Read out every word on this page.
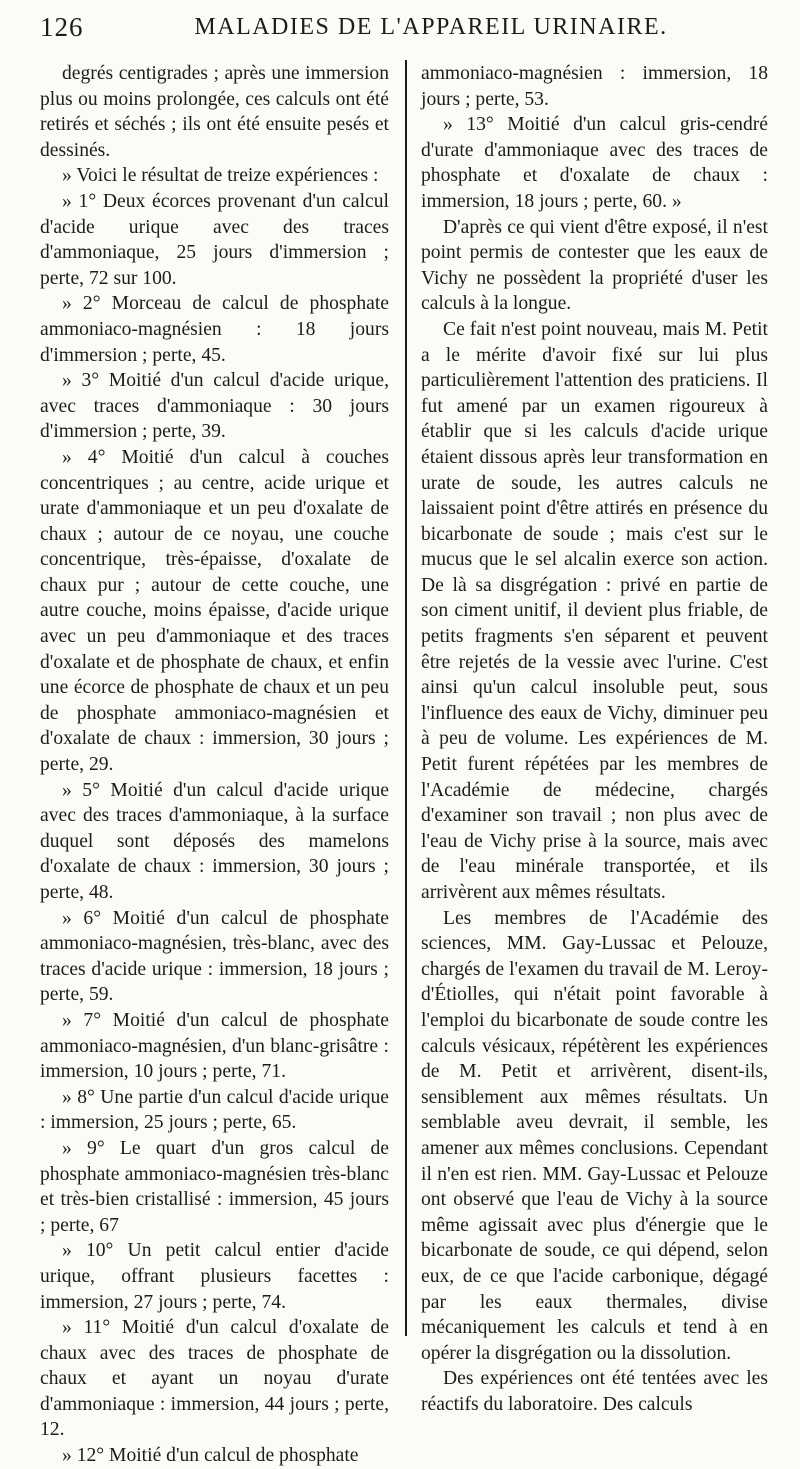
126	MALADIES DE L'APPAREIL URINAIRE.

degrés centigrades ; après une immersion plus ou moins prolongée, ces calculs ont été retirés et séchés ; ils ont été ensuite pesés et dessinés.

» Voici le résultat de treize expériences :

» 1° Deux écorces provenant d'un calcul d'acide urique avec des traces d'ammoniaque, 25 jours d'immersion ; perte, 72 sur 100.

» 2° Morceau de calcul de phosphate ammoniaco-magnésien : 18 jours d'immersion ; perte, 45.

» 3° Moitié d'un calcul d'acide urique, avec traces d'ammoniaque : 30 jours d'immersion ; perte, 39.

» 4° Moitié d'un calcul à couches concentriques ; au centre, acide urique et urate d'ammoniaque et un peu d'oxalate de chaux ; autour de ce noyau, une couche concentrique, très-épaisse, d'oxalate de chaux pur ; autour de cette couche, une autre couche, moins épaisse, d'acide urique avec un peu d'ammoniaque et des traces d'oxalate et de phosphate de chaux, et enfin une écorce de phosphate de chaux et un peu de phosphate ammoniaco-magnésien et d'oxalate de chaux : immersion, 30 jours ; perte, 29.

» 5° Moitié d'un calcul d'acide urique avec des traces d'ammoniaque, à la surface duquel sont déposés des mamelons d'oxalate de chaux : immersion, 30 jours ; perte, 48.

» 6° Moitié d'un calcul de phosphate ammoniaco-magnésien, très-blanc, avec des traces d'acide urique : immersion, 18 jours ; perte, 59.

» 7° Moitié d'un calcul de phosphate ammoniaco-magnésien, d'un blanc-grisâtre : immersion, 10 jours ; perte, 71.

» 8° Une partie d'un calcul d'acide urique : immersion, 25 jours ; perte, 65.

» 9° Le quart d'un gros calcul de phosphate ammoniaco-magnésien très-blanc et très-bien cristallisé : immersion, 45 jours ; perte, 67

» 10° Un petit calcul entier d'acide urique, offrant plusieurs facettes : immersion, 27 jours ; perte, 74.

» 11° Moitié d'un calcul d'oxalate de chaux avec des traces de phosphate de chaux et ayant un noyau d'urate d'ammoniaque : immersion, 44 jours ; perte, 12.

» 12° Moitié d'un calcul de phosphate

ammoniaco-magnésien : immersion, 18 jours ; perte, 53.

» 13° Moitié d'un calcul gris-cendré d'urate d'ammoniaque avec des traces de phosphate et d'oxalate de chaux : immersion, 18 jours ; perte, 60. »

D'après ce qui vient d'être exposé, il n'est point permis de contester que les eaux de Vichy ne possèdent la propriété d'user les calculs à la longue.

Ce fait n'est point nouveau, mais M. Petit a le mérite d'avoir fixé sur lui plus particulièrement l'attention des praticiens. Il fut amené par un examen rigoureux à établir que si les calculs d'acide urique étaient dissous après leur transformation en urate de soude, les autres calculs ne laissaient point d'être attirés en présence du bicarbonate de soude ; mais c'est sur le mucus que le sel alcalin exerce son action. De là sa disgrégation : privé en partie de son ciment unitif, il devient plus friable, de petits fragments s'en séparent et peuvent être rejetés de la vessie avec l'urine. C'est ainsi qu'un calcul insoluble peut, sous l'influence des eaux de Vichy, diminuer peu à peu de volume. Les expériences de M. Petit furent répétées par les membres de l'Académie de médecine, chargés d'examiner son travail ; non plus avec de l'eau de Vichy prise à la source, mais avec de l'eau minérale transportée, et ils arrivèrent aux mêmes résultats.

Les membres de l'Académie des sciences, MM. Gay-Lussac et Pelouze, chargés de l'examen du travail de M. Leroy-d'Étiolles, qui n'était point favorable à l'emploi du bicarbonate de soude contre les calculs vésicaux, répétèrent les expériences de M. Petit et arrivèrent, disent-ils, sensiblement aux mêmes résultats. Un semblable aveu devrait, il semble, les amener aux mêmes conclusions. Cependant il n'en est rien. MM. Gay-Lussac et Pelouze ont observé que l'eau de Vichy à la source même agissait avec plus d'énergie que le bicarbonate de soude, ce qui dépend, selon eux, de ce que l'acide carbonique, dégagé par les eaux thermales, divise mécaniquement les calculs et tend à en opérer la disgrégation ou la dissolution.

Des expériences ont été tentées avec les réactifs du laboratoire. Des calculs
